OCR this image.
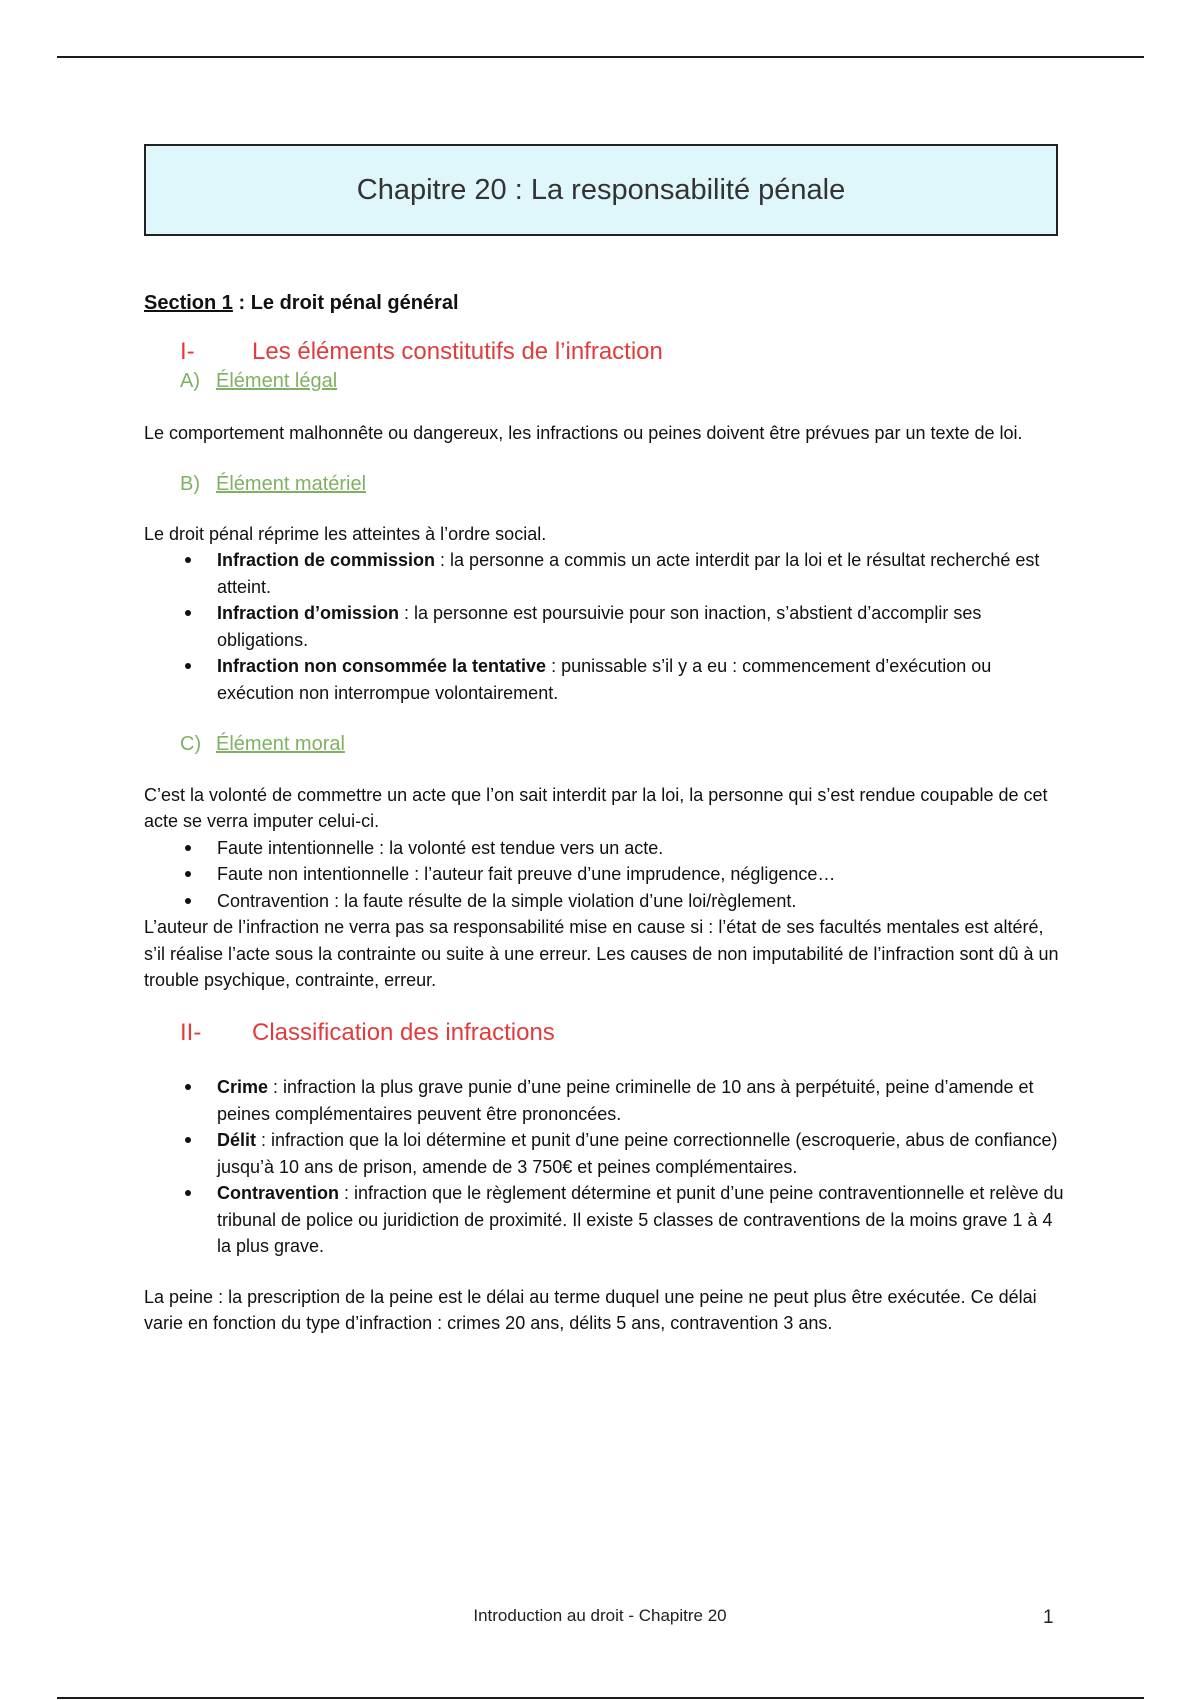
Chapitre 20 : La responsabilité pénale

Section 1 : Le droit pénal général

I-	Les éléments constitutifs de l’infraction
A) Élément légal

Le comportement malhonnête ou dangereux, les infractions ou peines doivent être prévues par un texte de loi.

B) Élément matériel

Le droit pénal réprime les atteintes à l’ordre social.

Infraction de commission : la personne a commis un acte interdit par la loi et le résultat recherché est atteint.
Infraction d’omission : la personne est poursuivie pour son inaction, s’abstient d’accomplir ses obligations.
Infraction non consommée la tentative : punissable s’il y a eu : commencement d’exécution ou exécution non interrompue volontairement.
C) Élément moral

C’est la volonté de commettre un acte que l’on sait interdit par la loi, la personne qui s’est rendue coupable de cet acte se verra imputer celui-ci.

Faute intentionnelle : la volonté est tendue vers un acte.
Faute non intentionnelle : l’auteur fait preuve d’une imprudence, négligence…
Contravention : la faute résulte de la simple violation d’une loi/règlement.

L’auteur de l’infraction ne verra pas sa responsabilité mise en cause si : l’état de ses facultés mentales est altéré, s’il réalise l’acte sous la contrainte ou suite à une erreur. Les causes de non imputabilité de l’infraction sont dû à un trouble psychique, contrainte, erreur.

II-	Classification des infractions
Crime : infraction la plus grave punie d’une peine criminelle de 10 ans à perpétuité, peine d’amende et peines complémentaires peuvent être prononcées.
Délit : infraction que la loi détermine et punit d’une peine correctionnelle (escroquerie, abus de confiance) jusqu’à 10 ans de prison, amende de 3 750€ et peines complémentaires.
Contravention : infraction que le règlement détermine et punit d’une peine contraventionnelle et relève du tribunal de police ou juridiction de proximité. Il existe 5 classes de contraventions de la moins grave 1 à 4 la plus grave.

La peine : la prescription de la peine est le délai au terme duquel une peine ne peut plus être exécutée. Ce délai varie en fonction du type d’infraction : crimes 20 ans, délits 5 ans, contravention 3 ans.

Introduction au droit - Chapitre 20	1
